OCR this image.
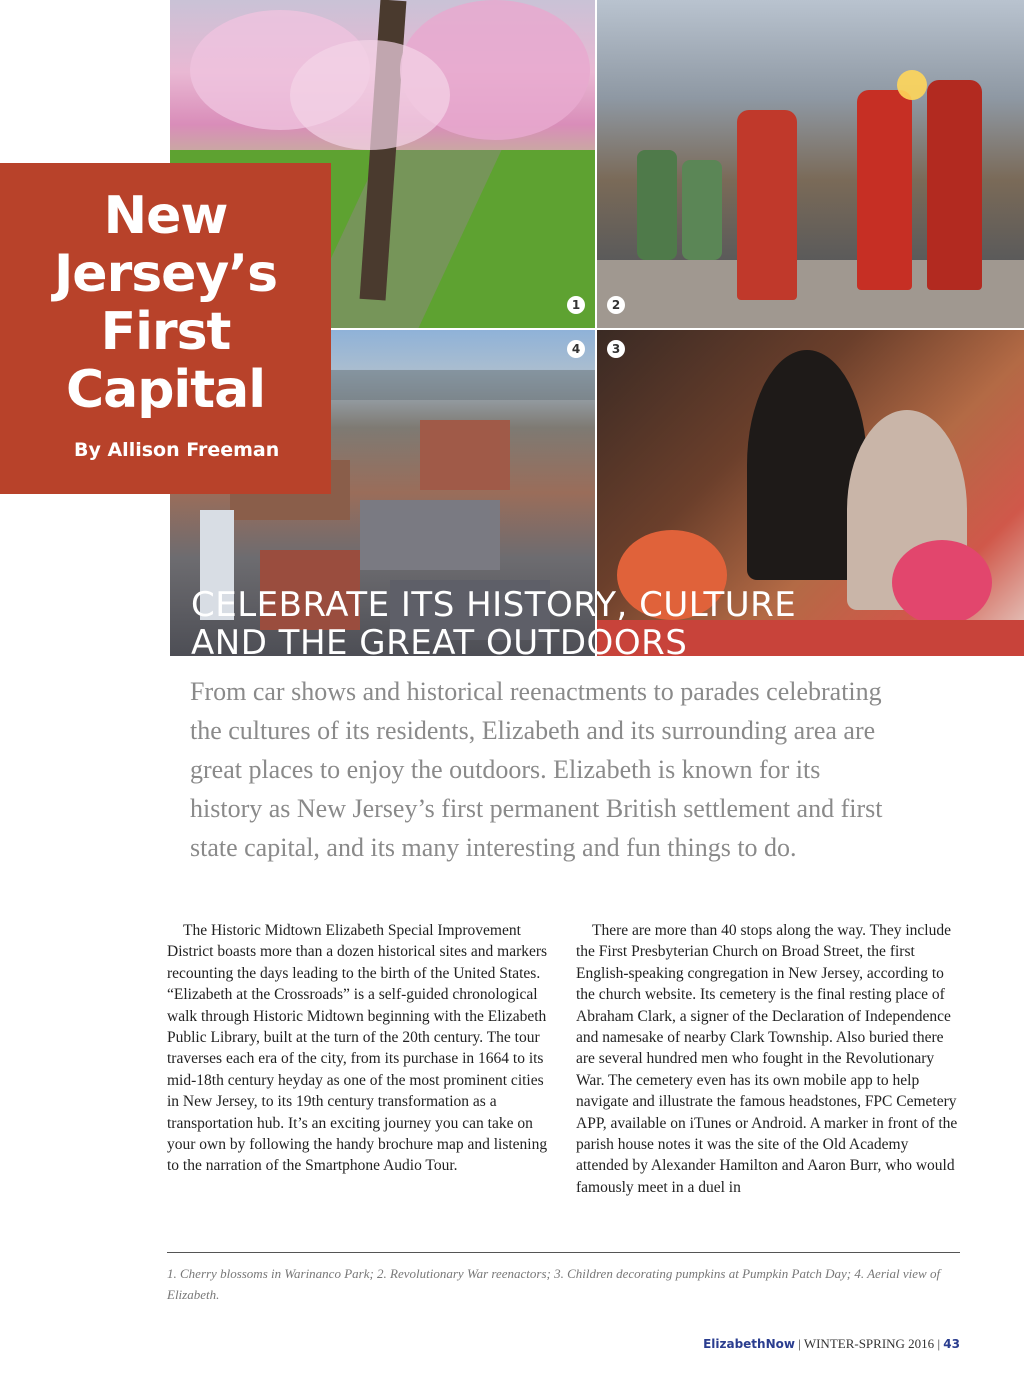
1	2
3
4
New
Jersey’s
First
Capital
By Allison Freeman
CELEBRATE ITS HISTORY, CULTURE
AND THE GREAT OUTDOORS

From car shows and historical reenactments to parades celebrating the cultures of its residents, Elizabeth and its surrounding area are great places to enjoy the outdoors. Elizabeth is known for its history as New Jersey’s first permanent British settlement and first state capital, and its many interesting and fun things to do.

The Historic Midtown Elizabeth Special Improvement District boasts more than a dozen historical sites and markers recounting the days leading to the birth of the United States. “Elizabeth at the Crossroads” is a self-guided chronological walk through Historic Midtown beginning with the Elizabeth Public Library, built at the turn of the 20th century. The tour traverses each era of the city, from its purchase in 1664 to its mid-18th century heyday as one of the most prominent cities in New Jersey, to its 19th century transformation as a transportation hub. It’s an exciting journey you can take on your own by following the handy brochure map and listening to the narration of the Smartphone Audio Tour.

There are more than 40 stops along the way. They include the First Presbyterian Church on Broad Street, the first English-speaking congregation in New Jersey, according to the church website. Its cemetery is the final resting place of Abraham Clark, a signer of the Declaration of Independence and namesake of nearby Clark Township. Also buried there are several hundred men who fought in the Revolutionary War. The cemetery even has its own mobile app to help navigate and illustrate the famous headstones, FPC Cemetery APP, available on iTunes or Android. A marker in front of the parish house notes it was the site of the Old Academy attended by Alexander Hamilton and Aaron Burr, who would famously meet in a duel in

1. Cherry blossoms in Warinanco Park; 2. Revolutionary War reenactors; 3. Children decorating pumpkins at Pumpkin Patch Day; 4. Aerial view of Elizabeth.

ElizabethNow | WINTER-SPRING 2016 | 43
